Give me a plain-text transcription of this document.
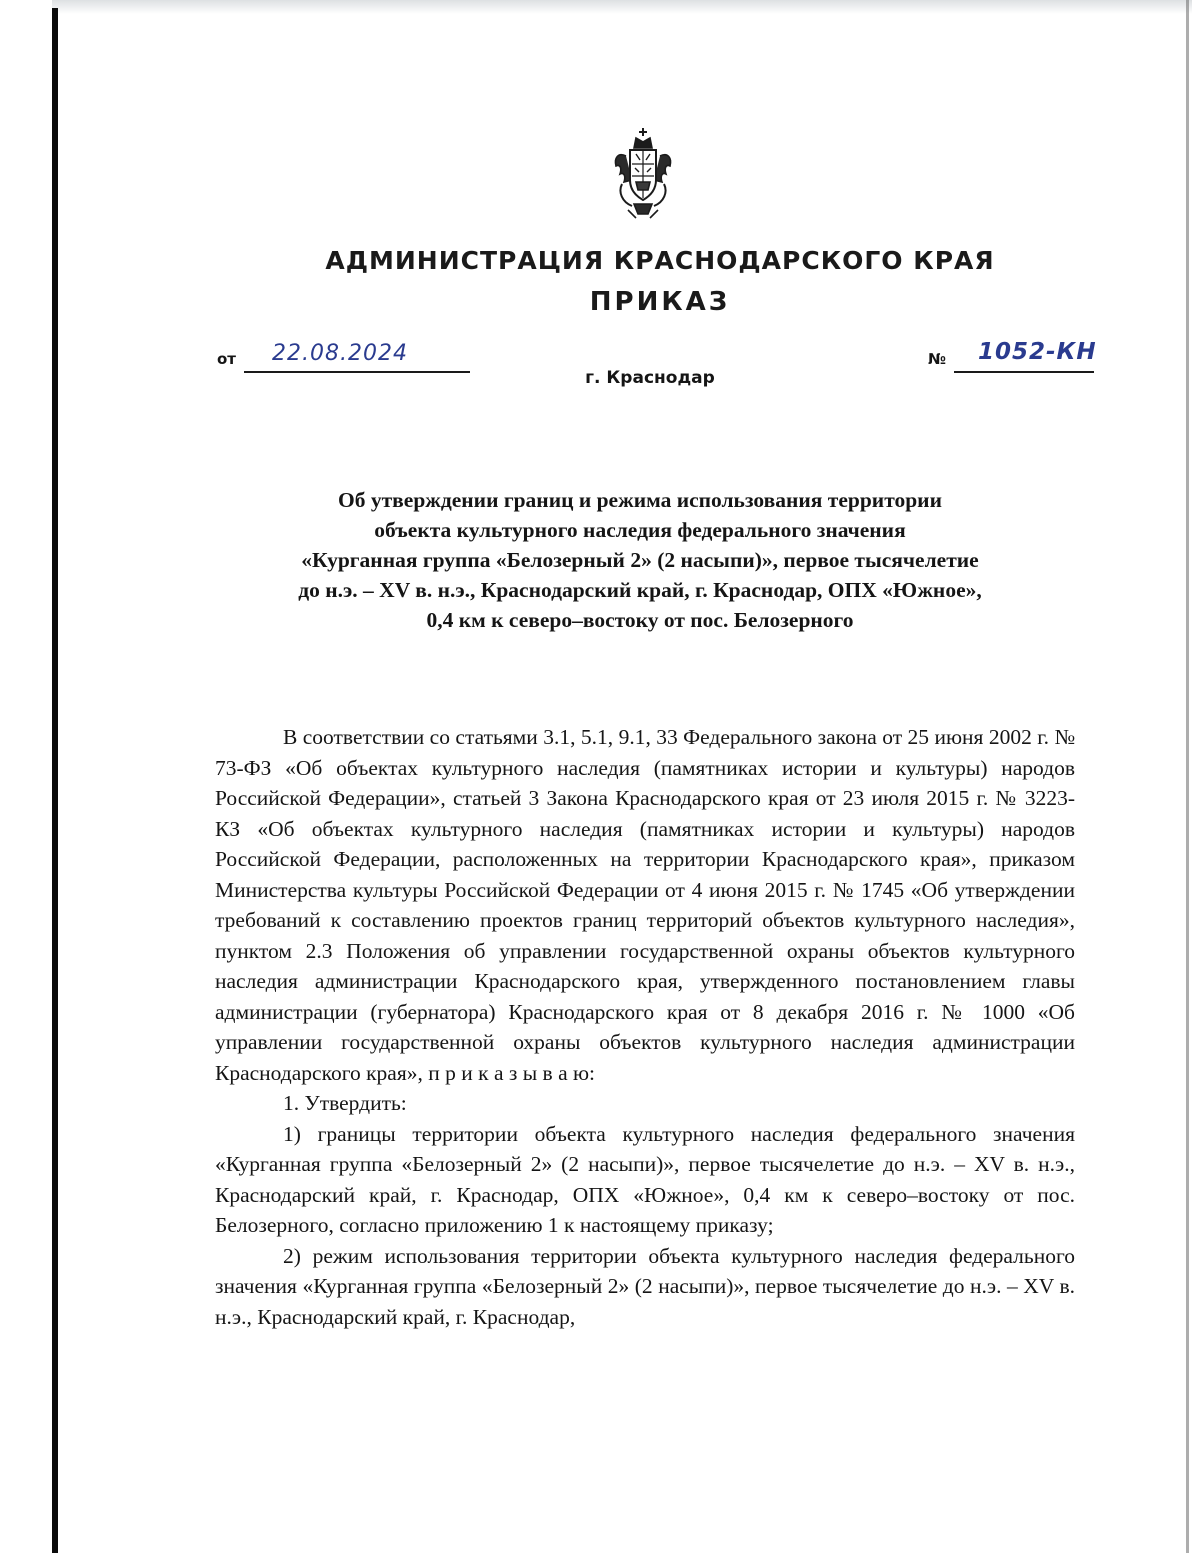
АДМИНИСТРАЦИЯ КРАСНОДАРСКОГО КРАЯ
ПРИКАЗ
от 22.08.2024
г. Краснодар
№ 1052-КН
Об утверждении границ и режима использования территории
объекта культурного наследия федерального значения
«Курганная группа «Белозерный 2» (2 насыпи)», первое тысячелетие
до н.э. – XV в. н.э., Краснодарский край, г. Краснодар, ОПХ «Южное»,
0,4 км к северо–востоку от пос. Белозерного

В соответствии со статьями 3.1, 5.1, 9.1, 33 Федерального закона от 25 июня 2002 г. № 73-ФЗ «Об объектах культурного наследия (памятниках истории и культуры) народов Российской Федерации», статьей 3 Закона Краснодарского края от 23 июля 2015 г. № 3223-КЗ «Об объектах культурного наследия (памятниках истории и культуры) народов Российской Федерации, расположенных на территории Краснодарского края», приказом Министерства культуры Российской Федерации от 4 июня 2015 г. № 1745 «Об утверждении требований к составлению проектов границ территорий объектов культурного наследия», пунктом 2.3 Положения об управлении государственной охраны объектов культурного наследия администрации Краснодарского края, утвержденного постановлением главы администрации (губернатора) Краснодарского края от 8 декабря 2016 г. № 1000 «Об управлении государственной охраны объектов культурного наследия администрации Краснодарского края», п р и к а з ы в а ю:

1. Утвердить:

1) границы территории объекта культурного наследия федерального значения «Курганная группа «Белозерный 2» (2 насыпи)», первое тысячелетие до н.э. – XV в. н.э., Краснодарский край, г. Краснодар, ОПХ «Южное», 0,4 км к северо–востоку от пос. Белозерного, согласно приложению 1 к настоящему приказу;

2) режим использования территории объекта культурного наследия федерального значения «Курганная группа «Белозерный 2» (2 насыпи)», первое тысячелетие до н.э. – XV в. н.э., Краснодарский край, г. Краснодар,
